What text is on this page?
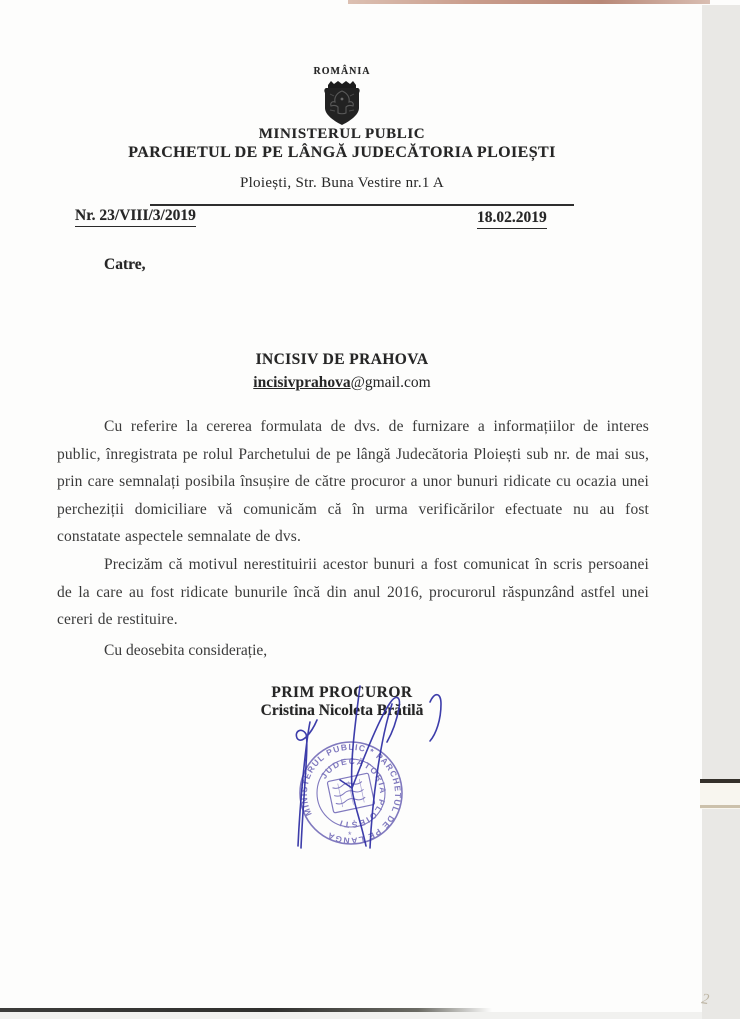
2
ROMÂNIA
MINISTERUL PUBLIC
PARCHETUL DE PE LÂNGĂ JUDECĂTORIA PLOIEȘTI
Ploiești, Str. Buna Vestire nr.1 A
Nr. 23/VIII/3/2019	18.02.2019
Catre,
INCISIV DE PRAHOVA
incisivprahova@gmail.com

Cu referire la cererea formulata de dvs. de furnizare a informațiilor de interes public, înregistrata pe rolul Parchetului de pe lângă Judecătoria Ploiești sub nr. de mai sus, prin care semnalați posibila însușire de către procuror a unor bunuri ridicate cu ocazia unei percheziții domiciliare vă comunicăm că în urma verificărilor efectuate nu au fost constatate aspectele semnalate de dvs.

Precizăm că motivul nerestituirii acestor bunuri a fost comunicat în scris persoanei de la care au fost ridicate bunurile încă din anul 2016, procurorul răspunzând astfel unei cereri de restituire.

Cu deosebita considerație,
PRIM PROCUROR
Cristina Nicoleta Brătilă
MINISTERUL PUBLIC * PARCHETUL DE PE LANGA
JUDECĂTORIA PLOIEȘTI
*
